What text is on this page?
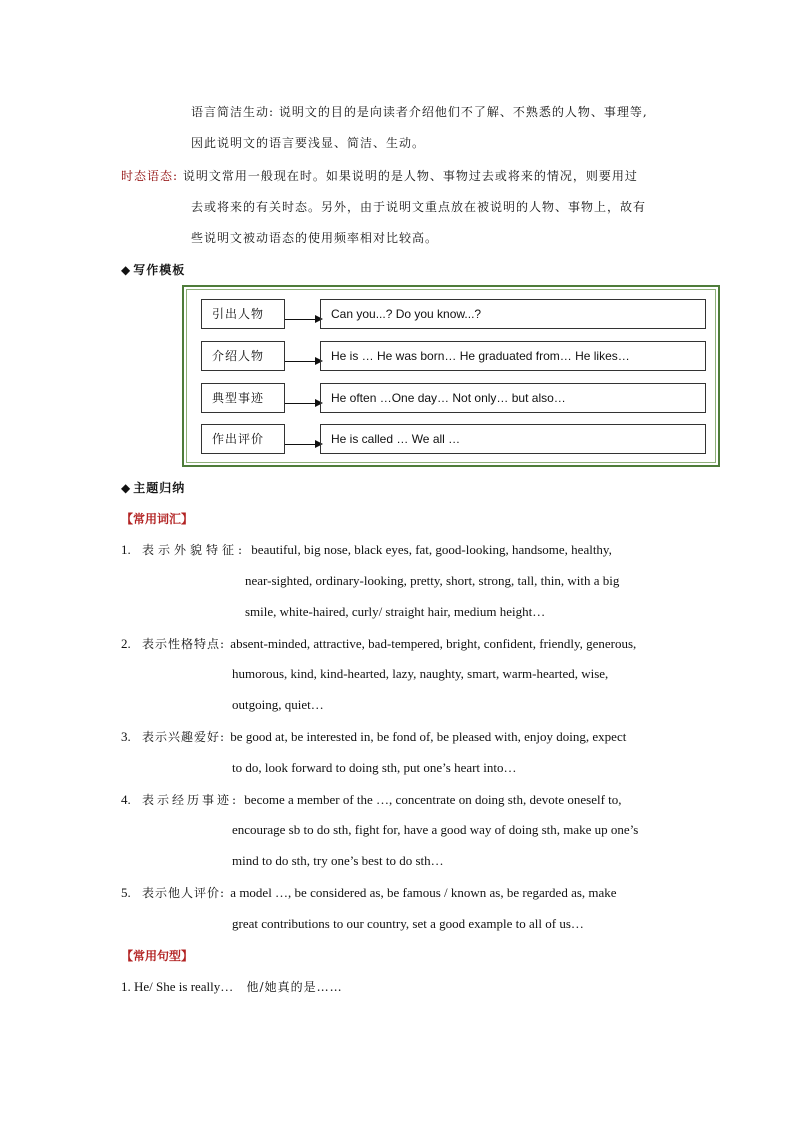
语言简洁生动: 说明文的目的是向读者介绍他们不了解、不熟悉的人物、事理等,
因此说明文的语言要浅显、简洁、生动。
时态语态: 说明文常用一般现在时。如果说明的是人物、事物过去或将来的情况，则要用过
去或将来的有关时态。另外，由于说明文重点放在被说明的人物、事物上，故有
些说明文被动语态的使用频率相对比较高。
◆ 写作模板
引出人物	Can you...? Do you know...?
介绍人物	He is … He was born… He graduated from… He likes…
典型事迹	He often …One day… Not only… but also…
作出评价	He is called … We all …
◆ 主题归纳
【常用词汇】
1. 表示外貌特征: beautiful, big nose, black eyes, fat, good-looking, handsome, healthy,
near-sighted, ordinary-looking, pretty, short, strong, tall, thin, with a big
smile, white-haired, curly/ straight hair, medium height…
2. 表示性格特点: absent-minded, attractive, bad-tempered, bright, confident, friendly, generous,
humorous, kind, kind-hearted, lazy, naughty, smart, warm-hearted, wise,
outgoing, quiet…
3. 表示兴趣爱好: be good at, be interested in, be fond of, be pleased with, enjoy doing, expect
to do, look forward to doing sth, put one’s heart into…
4. 表示经历事迹: become a member of the …, concentrate on doing sth, devote oneself to,
encourage sb to do sth, fight for, have a good way of doing sth, make up one’s
mind to do sth, try one’s best to do sth…
5. 表示他人评价: a model …, be considered as, be famous / known as, be regarded as, make
great contributions to our country, set a good example to all of us…
【常用句型】
1. He/ She is really… 他/她真的是……
